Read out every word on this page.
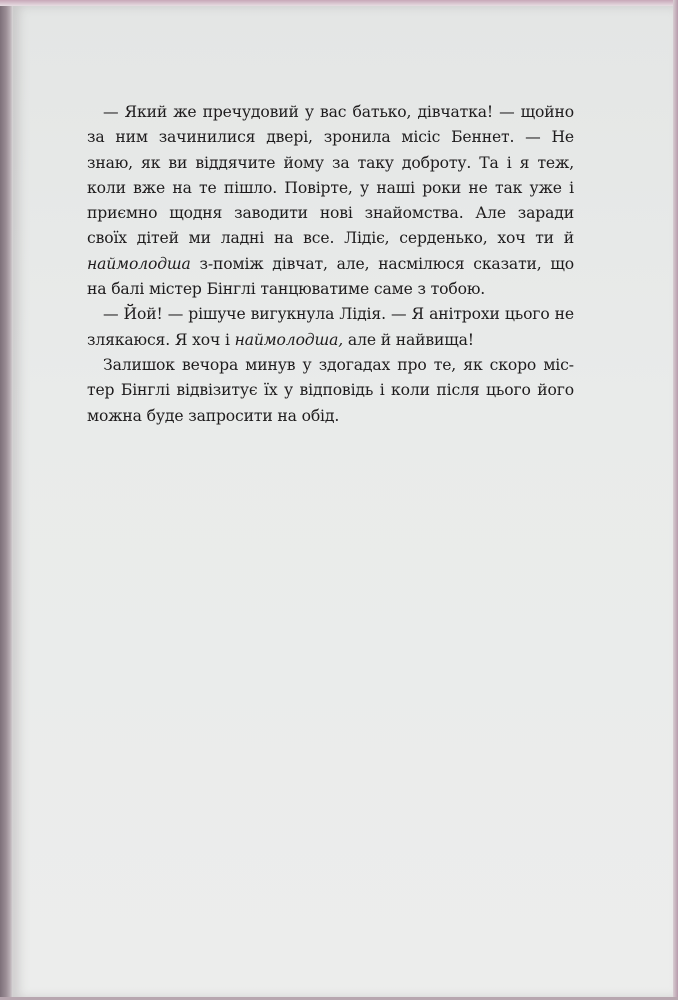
— Який же пречудовий у вас батько, дівчатка! — щойно за ним зачинилися двері, зронила місіс Беннет. — Не знаю, як ви віддячите йому за таку доброту. Та і я теж, коли вже на те пішло. Повірте, у наші роки не так уже і приємно щодня заводити нові знайомства. Але заради своїх дітей ми ладні на все. Лідіє, серденько, хоч ти й наймолодша з-поміж дівчат, але, насмілюся сказати, що на балі містер Бінглі танцюватиме саме з тобою.

— Йой! — рішуче вигукнула Лідія. — Я анітрохи цього не злякаюся. Я хоч і наймолодша, але й найвища!

Залишок вечора минув у здогадах про те, як скоро містер Бінглі відвізитує їх у відповідь і коли після цього його можна буде запросити на обід.
